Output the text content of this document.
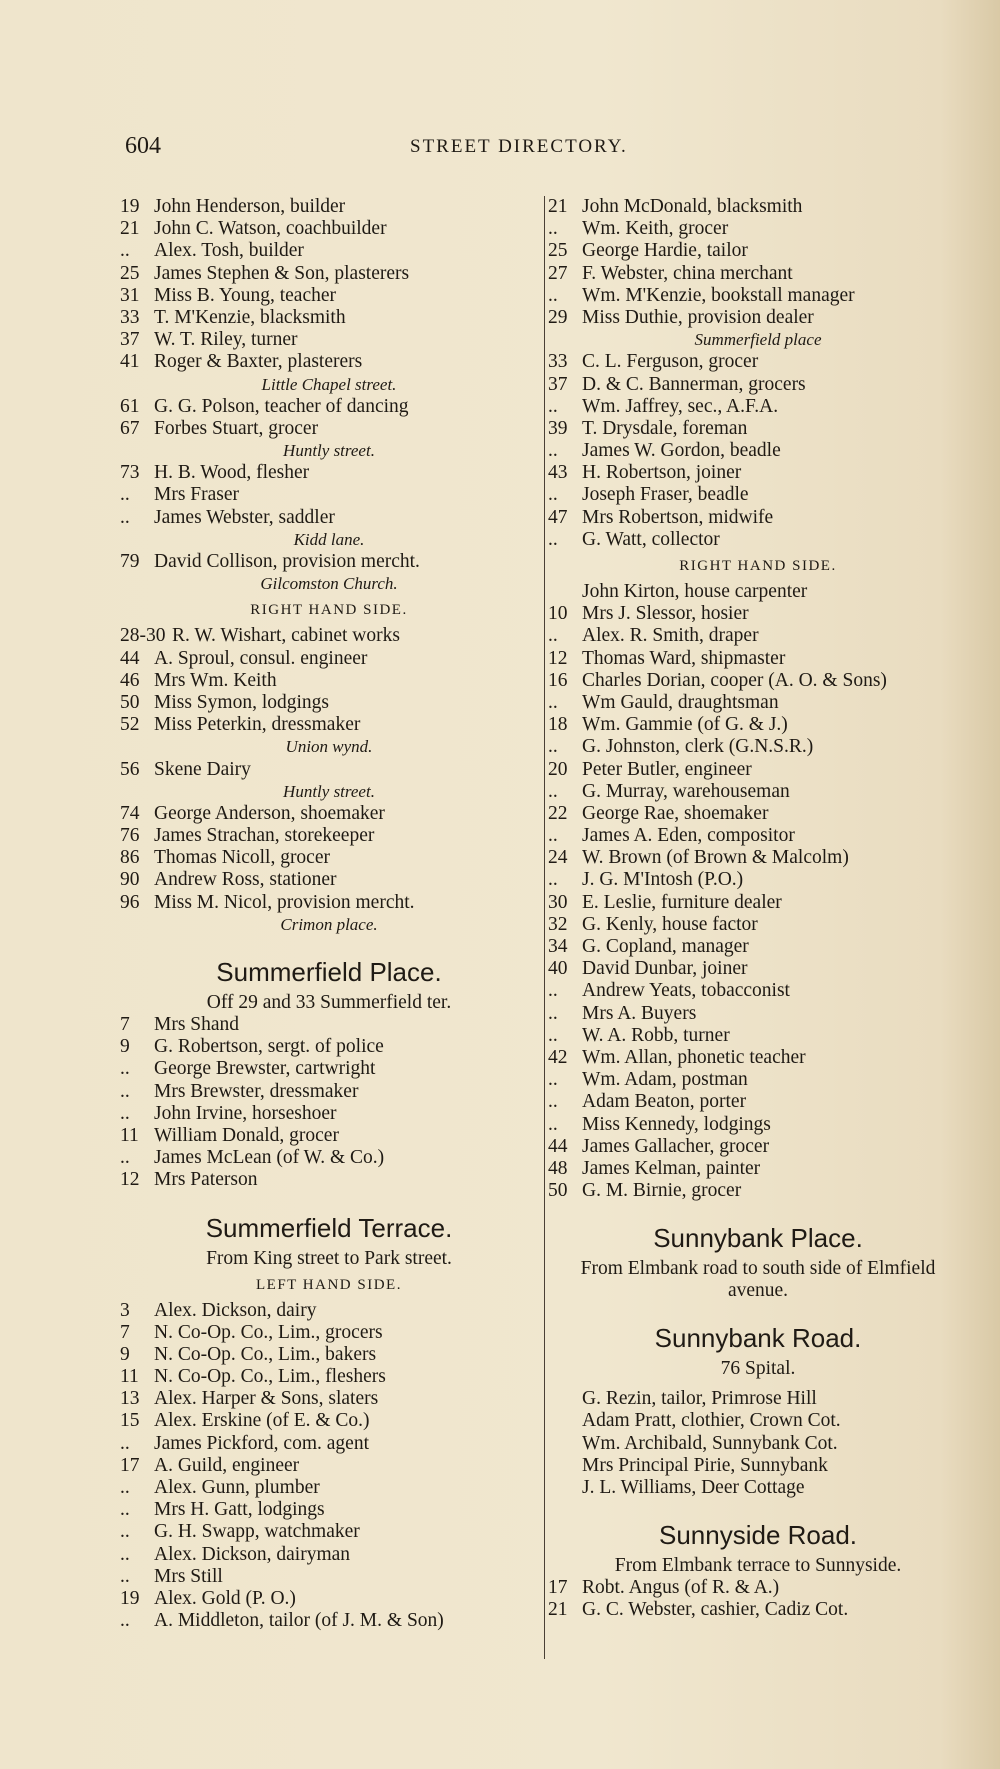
604	STREET DIRECTORY.
19 John Henderson, builder
21 John C. Watson, coachbuilder
.. Alex. Tosh, builder
25 James Stephen & Son, plasterers
31 Miss B. Young, teacher
33 T. M'Kenzie, blacksmith
37 W. T. Riley, turner
41 Roger & Baxter, plasterers
Little Chapel street.
61 G. G. Polson, teacher of dancing
67 Forbes Stuart, grocer
Huntly street.
73 H. B. Wood, flesher
.. Mrs Fraser
.. James Webster, saddler
Kidd lane.
79 David Collison, provision mercht.
Gilcomston Church.
RIGHT HAND SIDE.
28-30 R. W. Wishart, cabinet works
44 A. Sproul, consul. engineer
46 Mrs Wm. Keith
50 Miss Symon, lodgings
52 Miss Peterkin, dressmaker
Union wynd.
56 Skene Dairy
Huntly street.
74 George Anderson, shoemaker
76 James Strachan, storekeeper
86 Thomas Nicoll, grocer
90 Andrew Ross, stationer
96 Miss M. Nicol, provision mercht.
Crimon place.
Summerfield Place.
Off 29 and 33 Summerfield ter.
7 Mrs Shand
9 G. Robertson, sergt. of police
.. George Brewster, cartwright
.. Mrs Brewster, dressmaker
.. John Irvine, horseshoer
11 William Donald, grocer
.. James McLean (of W. & Co.)
12 Mrs Paterson
Summerfield Terrace.
From King street to Park street.
LEFT HAND SIDE.
3 Alex. Dickson, dairy
7 N. Co-Op. Co., Lim., grocers
9 N. Co-Op. Co., Lim., bakers
11 N. Co-Op. Co., Lim., fleshers
13 Alex. Harper & Sons, slaters
15 Alex. Erskine (of E. & Co.)
.. James Pickford, com. agent
17 A. Guild, engineer
.. Alex. Gunn, plumber
.. Mrs H. Gatt, lodgings
.. G. H. Swapp, watchmaker
.. Alex. Dickson, dairyman
.. Mrs Still
19 Alex. Gold (P. O.)
.. A. Middleton, tailor (of J. M. & Son)
21 John McDonald, blacksmith
.. Wm. Keith, grocer
25 George Hardie, tailor
27 F. Webster, china merchant
.. Wm. M'Kenzie, bookstall manager
29 Miss Duthie, provision dealer
Summerfield place
33 C. L. Ferguson, grocer
37 D. & C. Bannerman, grocers
.. Wm. Jaffrey, sec., A.F.A.
39 T. Drysdale, foreman
.. James W. Gordon, beadle
43 H. Robertson, joiner
.. Joseph Fraser, beadle
47 Mrs Robertson, midwife
.. G. Watt, collector
RIGHT HAND SIDE.
John Kirton, house carpenter
10 Mrs J. Slessor, hosier
.. Alex. R. Smith, draper
12 Thomas Ward, shipmaster
16 Charles Dorian, cooper (A. O. & Sons)
.. Wm Gauld, draughtsman
18 Wm. Gammie (of G. & J.)
.. G. Johnston, clerk (G.N.S.R.)
20 Peter Butler, engineer
.. G. Murray, warehouseman
22 George Rae, shoemaker
.. James A. Eden, compositor
24 W. Brown (of Brown & Malcolm)
.. J. G. M'Intosh (P.O.)
30 E. Leslie, furniture dealer
32 G. Kenly, house factor
34 G. Copland, manager
40 David Dunbar, joiner
.. Andrew Yeats, tobacconist
.. Mrs A. Buyers
.. W. A. Robb, turner
42 Wm. Allan, phonetic teacher
.. Wm. Adam, postman
.. Adam Beaton, porter
.. Miss Kennedy, lodgings
44 James Gallacher, grocer
48 James Kelman, painter
50 G. M. Birnie, grocer
Sunnybank Place.
From Elmbank road to south side of Elmfield avenue.
Sunnybank Road.
76 Spital.
G. Rezin, tailor, Primrose Hill
Adam Pratt, clothier, Crown Cot.
Wm. Archibald, Sunnybank Cot.
Mrs Principal Pirie, Sunnybank
J. L. Williams, Deer Cottage
Sunnyside Road.
From Elmbank terrace to Sunnyside.
17 Robt. Angus (of R. & A.)
21 G. C. Webster, cashier, Cadiz Cot.
